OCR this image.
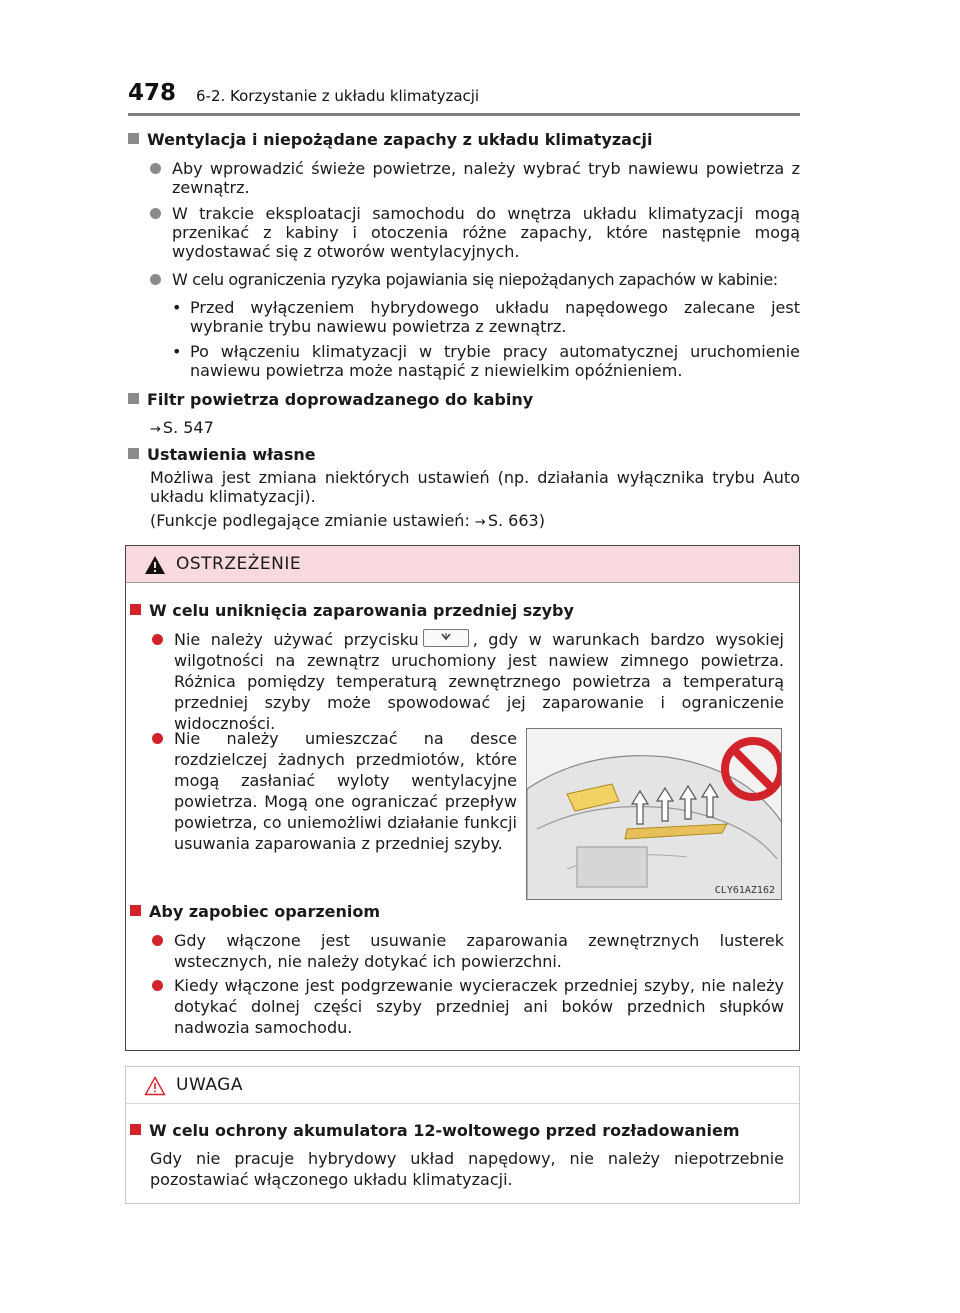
478 6-2. Korzystanie z układu klimatyzacji
Wentylacja i niepożądane zapachy z układu klimatyzacji
Aby wprowadzić świeże powietrze, należy wybrać tryb nawiewu powietrza z zewnątrz.
W trakcie eksploatacji samochodu do wnętrza układu klimatyzacji mogą przenikać z kabiny i otoczenia różne zapachy, które następnie mogą wydostawać się z otworów wentylacyjnych.
W celu ograniczenia ryzyka pojawiania się niepożądanych zapachów w kabinie:
• Przed wyłączeniem hybrydowego układu napędowego zalecane jest wybranie trybu nawiewu powietrza z zewnątrz.
• Po włączeniu klimatyzacji w trybie pracy automatycznej uruchomienie nawiewu powietrza może nastąpić z niewielkim opóźnieniem.
Filtr powietrza doprowadzanego do kabiny
→ S. 547
Ustawienia własne
Możliwa jest zmiana niektórych ustawień (np. działania wyłącznika trybu Auto układu klimatyzacji).
(Funkcje podlegające zmianie ustawień: → S. 663)
OSTRZEŻENIE
W celu uniknięcia zaparowania przedniej szyby
Nie należy używać przycisku	, gdy w warunkach bardzo wysokiej wilgotności na zewnątrz uruchomiony jest nawiew zimnego powietrza. Różnica pomiędzy temperaturą zewnętrznego powietrza a temperaturą przedniej szyby może spowodować jej zaparowanie i ograniczenie widoczności.
Nie należy umieszczać na desce rozdzielczej żadnych przedmiotów, które mogą zasłaniać wyloty wentylacyjne powietrza. Mogą one ograniczać przepływ powietrza, co uniemożliwi działanie funkcji usuwania zaparowania z przedniej szyby.
CLY61AZ162
Aby zapobiec oparzeniom
Gdy włączone jest usuwanie zaparowania zewnętrznych lusterek wstecznych, nie należy dotykać ich powierzchni.
Kiedy włączone jest podgrzewanie wycieraczek przedniej szyby, nie należy dotykać dolnej części szyby przedniej ani boków przednich słupków nadwozia samochodu.
UWAGA
W celu ochrony akumulatora 12-woltowego przed rozładowaniem
Gdy nie pracuje hybrydowy układ napędowy, nie należy niepotrzebnie pozostawiać włączonego układu klimatyzacji.
